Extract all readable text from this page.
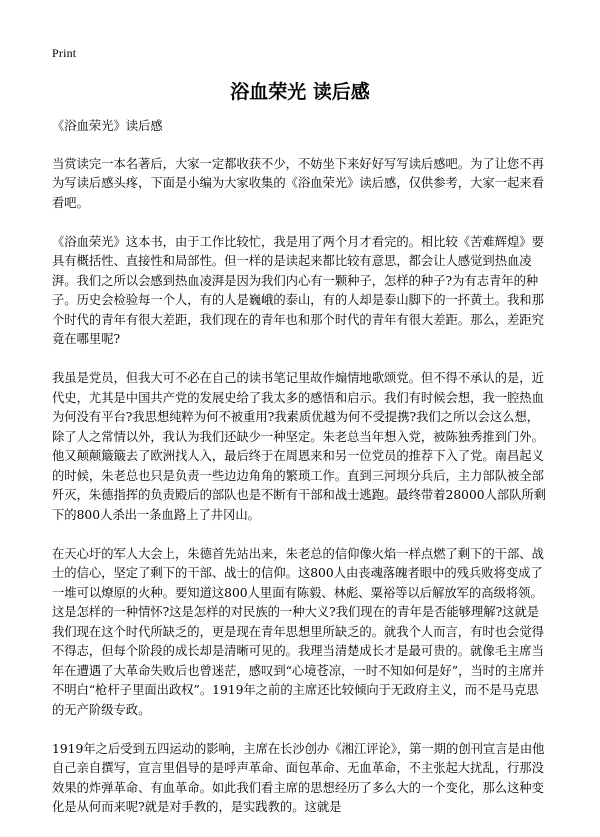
Print
浴血荣光 读后感

《浴血荣光》读后感

当赏读完一本名著后，大家一定都收获不少，不妨坐下来好好写写读后感吧。为了让您不再为写读后感头疼，下面是小编为大家收集的《浴血荣光》读后感，仅供参考，大家一起来看看吧。

《浴血荣光》这本书，由于工作比较忙，我是用了两个月才看完的。相比较《苦难辉煌》要具有概括性、直接性和局部性。但一样的是读起来都比较有意思，都会让人感觉到热血凌湃。我们之所以会感到热血凌湃是因为我们内心有一颗种子，怎样的种子?为有志青年的种子。历史会检验每一个人，有的人是巍峨的泰山，有的人却是泰山脚下的一抔黄土。我和那个时代的青年有很大差距，我们现在的青年也和那个时代的青年有很大差距。那么，差距究竟在哪里呢?

我虽是党员，但我大可不必在自己的读书笔记里故作煽情地歌颂党。但不得不承认的是，近代史，尤其是中国共产党的发展史给了我太多的感悟和启示。我们有时候会想，我一腔热血为何没有平台?我思想纯粹为何不被重用?我素质优越为何不受提携?我们之所以会这么想，除了人之常情以外，我认为我们还缺少一种坚定。朱老总当年想入党，被陈独秀推到门外。他又颠颠簸簸去了欧洲找人入，最后终于在周恩来和另一位党员的推荐下入了党。南昌起义的时候，朱老总也只是负责一些边边角角的繁琐工作。直到三河坝分兵后，主力部队被全部歼灭，朱德指挥的负责殿后的部队也是不断有干部和战士逃跑。最终带着28000人部队所剩下的800人杀出一条血路上了井冈山。

在天心圩的军人大会上，朱德首先站出来，朱老总的信仰像火焰一样点燃了剩下的干部、战士的信心，坚定了剩下的干部、战士的信仰。这800人由丧魂落魄者眼中的残兵败将变成了一堆可以燎原的火种。要知道这800人里面有陈毅、林彪、粟裕等以后解放军的高级将领。这是怎样的一种情怀?这是怎样的对民族的一种大义?我们现在的青年是否能够理解?这就是我们现在这个时代所缺乏的，更是现在青年思想里所缺乏的。就我个人而言，有时也会觉得不得志，但每个阶段的成长却是清晰可见的。我理当清楚成长才是最可贵的。就像毛主席当年在遭遇了大革命失败后也曾迷茫，感叹到“心境苍凉，一时不知如何是好”，当时的主席并不明白“枪杆子里面出政权”。1919年之前的主席还比较倾向于无政府主义，而不是马克思的无产阶级专政。

1919年之后受到五四运动的影响，主席在长沙创办《湘江评论》，第一期的创刊宣言是由他自己亲自撰写，宣言里倡导的是呼声革命、面包革命、无血革命，不主张起大扰乱，行那没效果的炸弹革命、有血革命。如此我们看主席的思想经历了多么大的一个变化，那么这种变化是从何而来呢?就是对手教的，是实践教的。这就是
